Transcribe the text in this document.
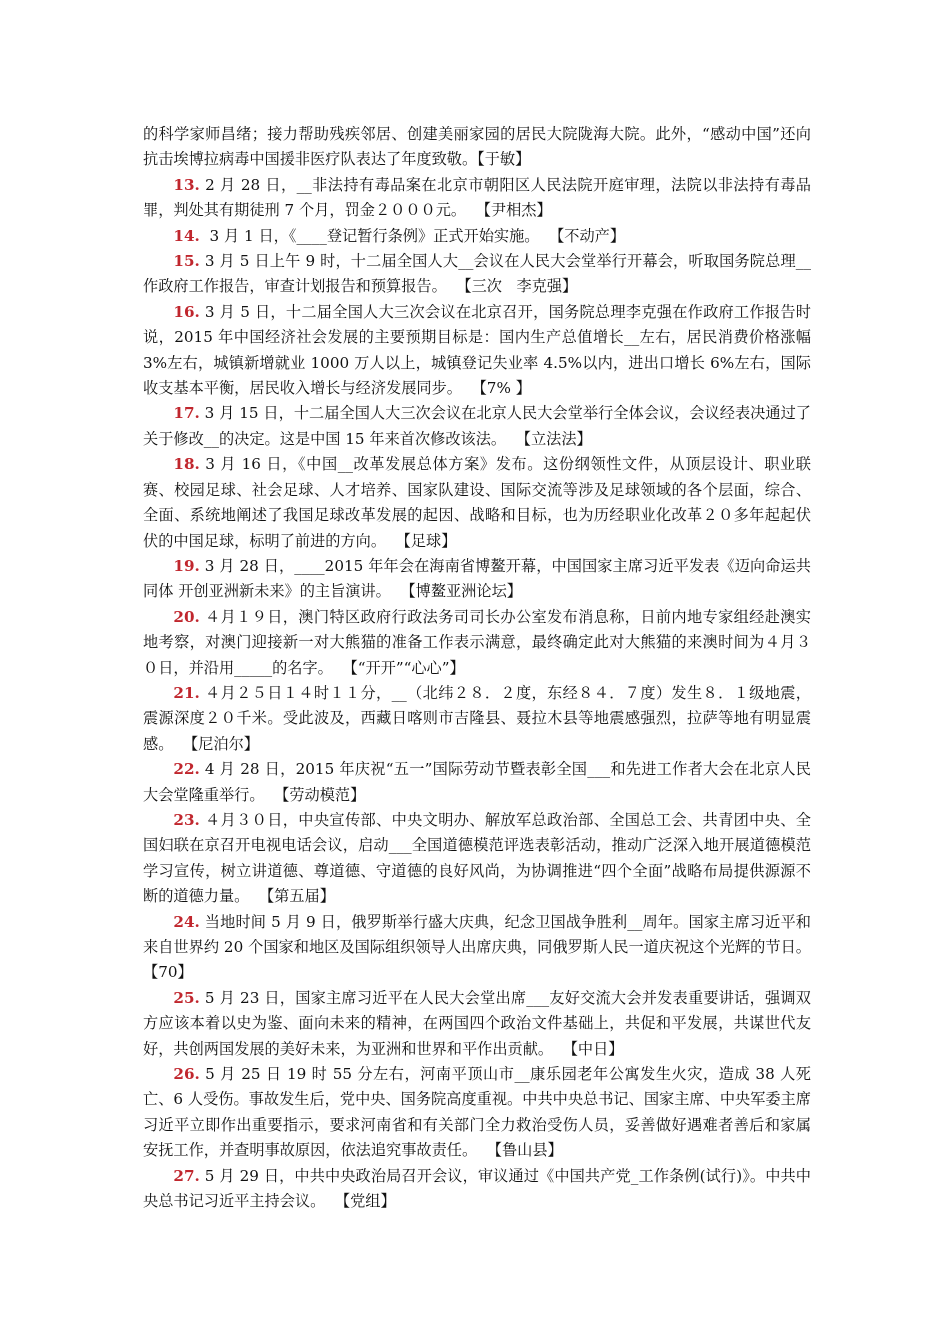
的科学家师昌绪；接力帮助残疾邻居、创建美丽家园的居民大院陇海大院。此外，“感动中国”还向抗击埃博拉病毒中国援非医疗队表达了年度致敬。【于敏】

13. 2 月 28 日，__非法持有毒品案在北京市朝阳区人民法院开庭审理，法院以非法持有毒品罪，判处其有期徒刑 7 个月，罚金２０００元。  【尹相杰】

14.  3 月 1 日，《____登记暂行条例》正式开始实施。  【不动产】

15. 3 月 5 日上午 9 时，十二届全国人大__会议在人民大会堂举行开幕会，听取国务院总理__作政府工作报告，审查计划报告和预算报告。  【三次   李克强】

16. 3 月 5 日，十二届全国人大三次会议在北京召开，国务院总理李克强在作政府工作报告时说，2015 年中国经济社会发展的主要预期目标是：国内生产总值增长__左右，居民消费价格涨幅 3%左右，城镇新增就业 1000 万人以上，城镇登记失业率 4.5%以内，进出口增长 6%左右，国际收支基本平衡，居民收入增长与经济发展同步。  【7% 】

17. 3 月 15 日，十二届全国人大三次会议在北京人民大会堂举行全体会议，会议经表决通过了关于修改__的决定。这是中国 15 年来首次修改该法。  【立法法】

18. 3 月 16 日，《中国__改革发展总体方案》发布。这份纲领性文件，从顶层设计、职业联赛、校园足球、社会足球、人才培养、国家队建设、国际交流等涉及足球领域的各个层面，综合、全面、系统地阐述了我国足球改革发展的起因、战略和目标，也为历经职业化改革２０多年起起伏伏的中国足球，标明了前进的方向。  【足球】

19. 3 月 28 日，____2015 年年会在海南省博鳌开幕，中国国家主席习近平发表《迈向命运共同体 开创亚洲新未来》的主旨演讲。  【博鳌亚洲论坛】

20. ４月１９日，澳门特区政府行政法务司司长办公室发布消息称，日前内地专家组经赴澳实地考察，对澳门迎接新一对大熊猫的准备工作表示满意，最终确定此对大熊猫的来澳时间为４月３０日，并沿用_____的名字。  【“开开”“心心”】

21. ４月２５日１４时１１分，__（北纬２８．２度，东经８４．７度）发生８．１级地震，震源深度２０千米。受此波及，西藏日喀则市吉隆县、聂拉木县等地震感强烈，拉萨等地有明显震感。  【尼泊尔】

22. 4 月 28 日，2015 年庆祝“五一”国际劳动节暨表彰全国___和先进工作者大会在北京人民大会堂隆重举行。  【劳动模范】

23. ４月３０日，中央宣传部、中央文明办、解放军总政治部、全国总工会、共青团中央、全国妇联在京召开电视电话会议，启动___全国道德模范评选表彰活动，推动广泛深入地开展道德模范学习宣传，树立讲道德、尊道德、守道德的良好风尚，为协调推进“四个全面”战略布局提供源源不断的道德力量。  【第五届】

24. 当地时间 5 月 9 日，俄罗斯举行盛大庆典，纪念卫国战争胜利__周年。国家主席习近平和来自世界约 20 个国家和地区及国际组织领导人出席庆典，同俄罗斯人民一道庆祝这个光辉的节日。  【70】

25. 5 月 23 日，国家主席习近平在人民大会堂出席___友好交流大会并发表重要讲话，强调双方应该本着以史为鉴、面向未来的精神，在两国四个政治文件基础上，共促和平发展，共谋世代友好，共创两国发展的美好未来，为亚洲和世界和平作出贡献。  【中日】

26. 5 月 25 日 19 时 55 分左右，河南平顶山市__康乐园老年公寓发生火灾，造成 38 人死亡、6 人受伤。事故发生后，党中央、国务院高度重视。中共中央总书记、国家主席、中央军委主席习近平立即作出重要指示，要求河南省和有关部门全力救治受伤人员，妥善做好遇难者善后和家属安抚工作，并查明事故原因，依法追究事故责任。  【鲁山县】

27. 5 月 29 日，中共中央政治局召开会议，审议通过《中国共产党_工作条例(试行)》。中共中央总书记习近平主持会议。  【党组】
